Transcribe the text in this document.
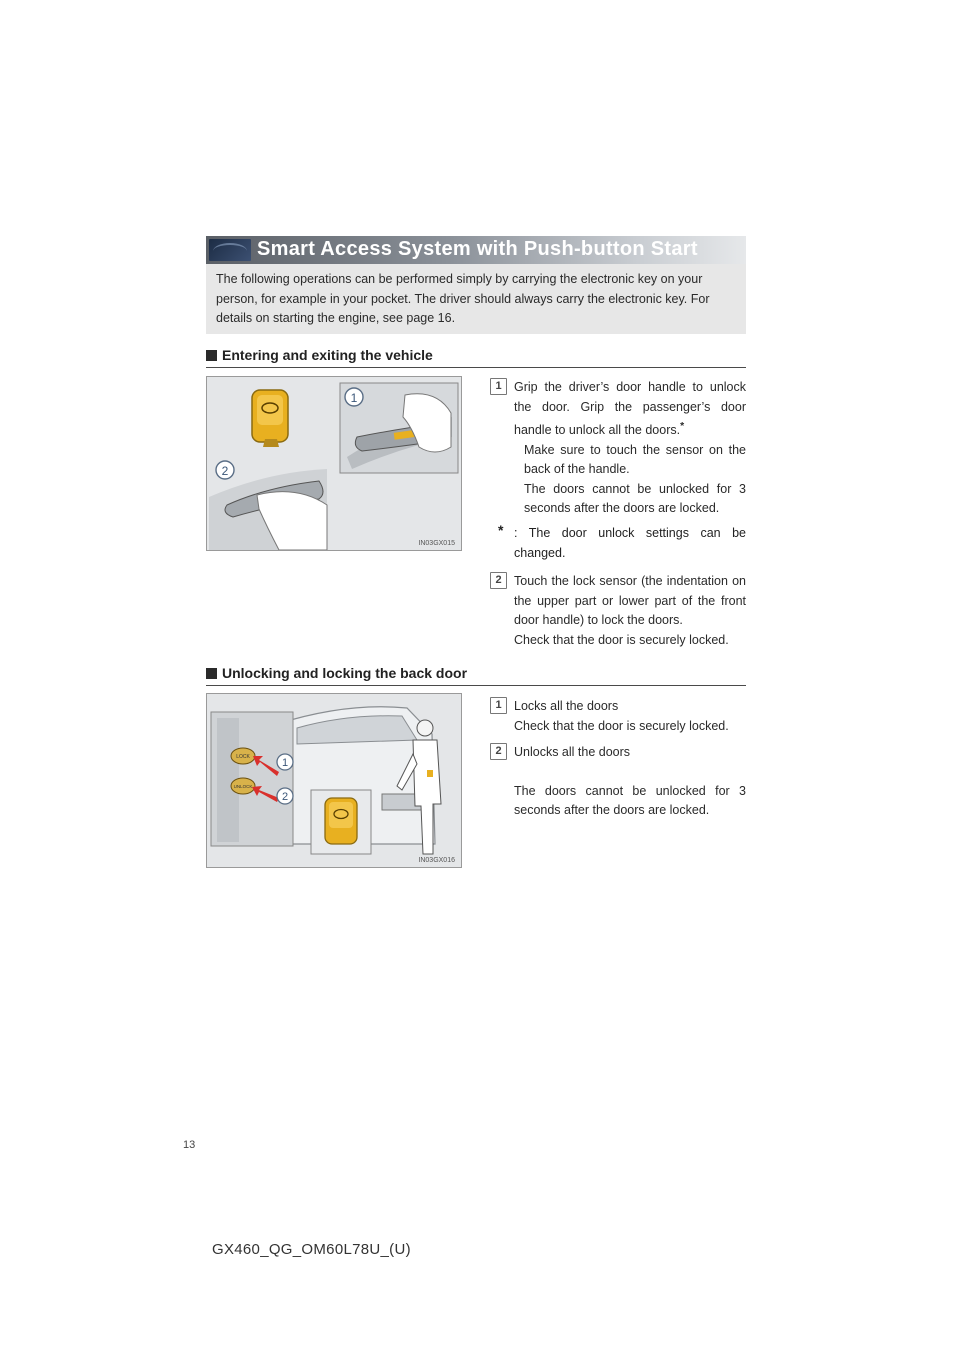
Smart Access System with Push-button Start
The following operations can be performed simply by carrying the electronic key on your person, for example in your pocket. The driver should always carry the electronic key. For details on starting the engine, see page 16.
Entering and exiting the vehicle
1
2
IN03GX015
1 Grip the driver’s door handle to unlock the door. Grip the passenger’s door handle to unlock all the doors.*
Make sure to touch the sensor on the back of the handle.
The doors cannot be unlocked for 3 seconds after the doors are locked.
* : The door unlock settings can be changed.
2 Touch the lock sensor (the indentation on the upper part or lower part of the front door handle) to lock the doors.
Check that the door is securely locked.
Unlocking and locking the back door
LOCK
UNLOCK
1
2
IN03GX016
1 Locks all the doors
Check that the door is securely locked.
2 Unlocks all the doors
The doors cannot be unlocked for 3 seconds after the doors are locked.
13
GX460_QG_OM60L78U_(U)
